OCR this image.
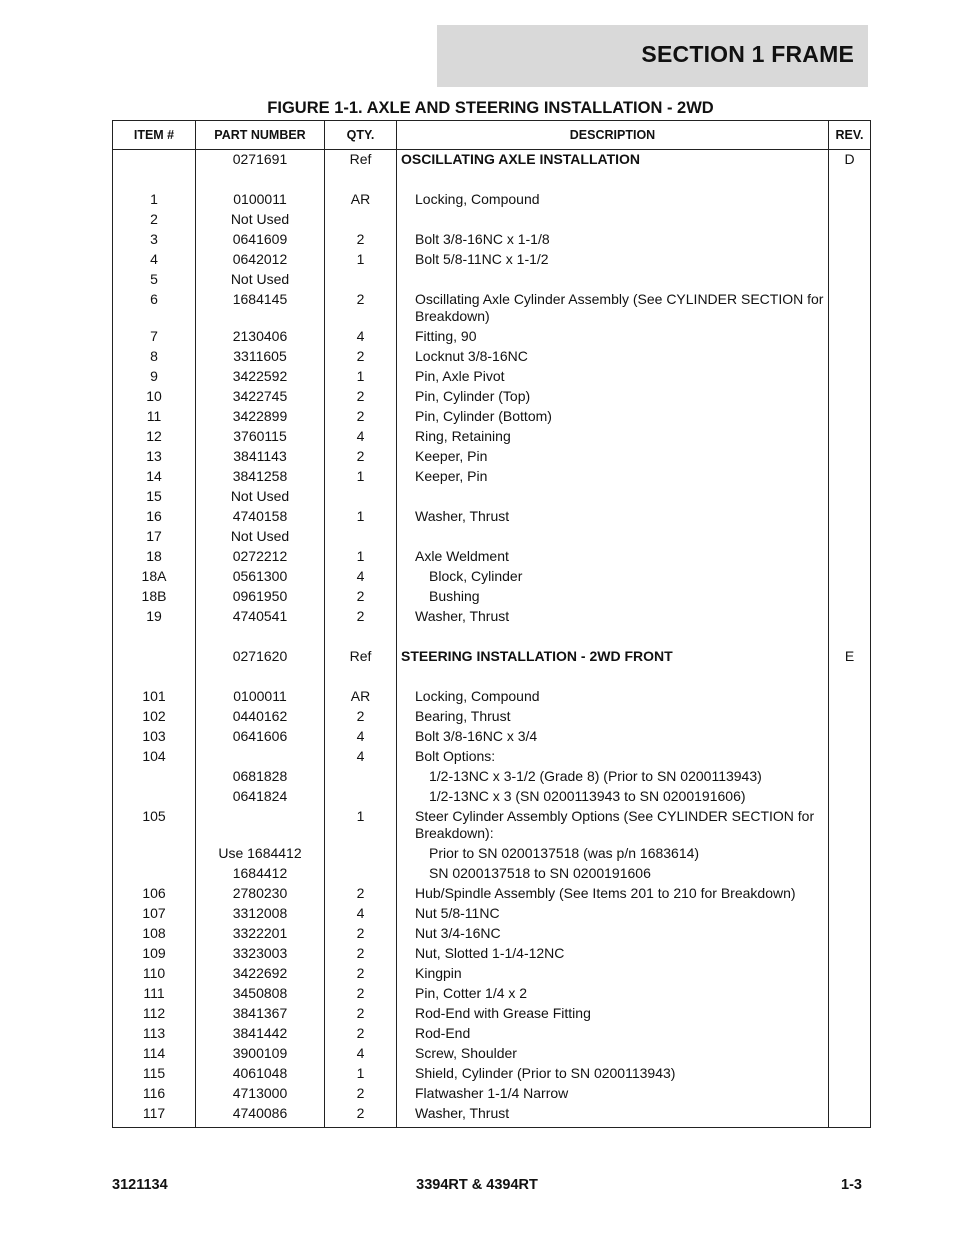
SECTION 1 FRAME
FIGURE 1-1. AXLE AND STEERING INSTALLATION - 2WD
ITEM #	PART NUMBER	QTY.	DESCRIPTION	REV.
	0271691	Ref	OSCILLATING AXLE INSTALLATION	D

1	0100011	AR	Locking, Compound	
2	Not Used			
3	0641609	2	Bolt 3/8-16NC x 1-1/8	
4	0642012	1	Bolt 5/8-11NC x 1-1/2	
5	Not Used			
6	1684145	2	Oscillating Axle Cylinder Assembly (See CYLINDER SECTION for Breakdown)	
7	2130406	4	Fitting, 90	
8	3311605	2	Locknut 3/8-16NC	
9	3422592	1	Pin, Axle Pivot	
10	3422745	2	Pin, Cylinder (Top)	
11	3422899	2	Pin, Cylinder (Bottom)	
12	3760115	4	Ring, Retaining	
13	3841143	2	Keeper, Pin	
14	3841258	1	Keeper, Pin	
15	Not Used			
16	4740158	1	Washer, Thrust	
17	Not Used			
18	0272212	1	Axle Weldment	
18A	0561300	4	Block, Cylinder	
18B	0961950	2	Bushing	
19	4740541	2	Washer, Thrust	

	0271620	Ref	STEERING INSTALLATION - 2WD FRONT	E

101	0100011	AR	Locking, Compound	
102	0440162	2	Bearing, Thrust	
103	0641606	4	Bolt 3/8-16NC x 3/4	
104		4	Bolt Options:	
	0681828		1/2-13NC x 3-1/2 (Grade 8) (Prior to SN 0200113943)	
	0641824		1/2-13NC x 3 (SN 0200113943 to SN 0200191606)	
105		1	Steer Cylinder Assembly Options (See CYLINDER SECTION for Breakdown):	
	Use 1684412		Prior to SN 0200137518 (was p/n 1683614)	
	1684412		SN 0200137518 to SN 0200191606	
106	2780230	2	Hub/Spindle Assembly (See Items 201 to 210 for Breakdown)	
107	3312008	4	Nut 5/8-11NC	
108	3322201	2	Nut 3/4-16NC	
109	3323003	2	Nut, Slotted 1-1/4-12NC	
110	3422692	2	Kingpin	
111	3450808	2	Pin, Cotter 1/4 x 2	
112	3841367	2	Rod-End with Grease Fitting	
113	3841442	2	Rod-End	
114	3900109	4	Screw, Shoulder	
115	4061048	1	Shield, Cylinder (Prior to SN 0200113943)	
116	4713000	2	Flatwasher 1-1/4 Narrow	
117	4740086	2	Washer, Thrust	
3121134	3394RT & 4394RT	1-3
